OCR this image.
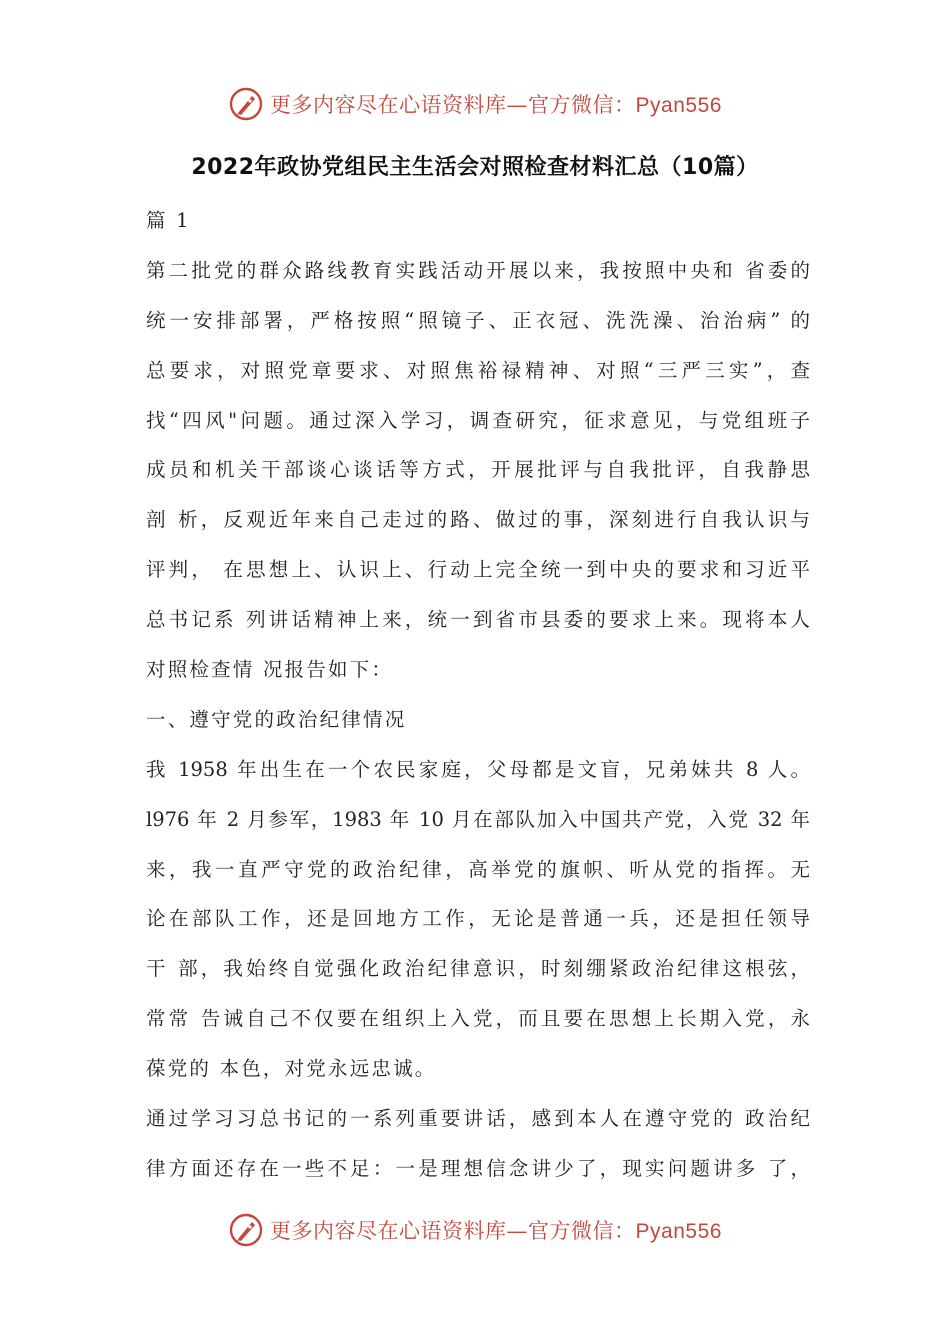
更多内容尽在心语资料库—官方微信：Pyan556
2022年政协党组民主生活会对照检查材料汇总（10篇）
篇 1
第二批党的群众路线教育实践活动开展以来，我按照中央和 省委的
统一安排部署，严格按照“照镜子、正衣冠、洗洗澡、治治病” 的
总要求，对照党章要求、对照焦裕禄精神、对照“三严三实”，查
找“四风"问题。通过深入学习，调查研究，征求意见，与党组班子
成员和机关干部谈心谈话等方式，开展批评与自我批评，自我静思
剖 析，反观近年来自己走过的路、做过的事，深刻进行自我认识与
评判， 在思想上、认识上、行动上完全统一到中央的要求和习近平
总书记系 列讲话精神上来，统一到省市县委的要求上来。现将本人
对照检查情 况报告如下：
一、遵守党的政治纪律情况
我 1958 年出生在一个农民家庭，父母都是文盲，兄弟妹共 8 人。
l976 年 2 月参军，1983 年 10 月在部队加入中国共产党，入党 32 年
来，我一直严守党的政治纪律，高举党的旗帜、听从党的指挥。无
论在部队工作，还是回地方工作，无论是普通一兵，还是担任领导
干 部，我始终自觉强化政治纪律意识，时刻绷紧政治纪律这根弦，
常常 告诫自己不仅要在组织上入党，而且要在思想上长期入党，永
葆党的 本色，对党永远忠诚。
通过学习习总书记的一系列重要讲话，感到本人在遵守党的 政治纪
律方面还存在一些不足：一是理想信念讲少了，现实问题讲多 了，
更多内容尽在心语资料库—官方微信：Pyan556
